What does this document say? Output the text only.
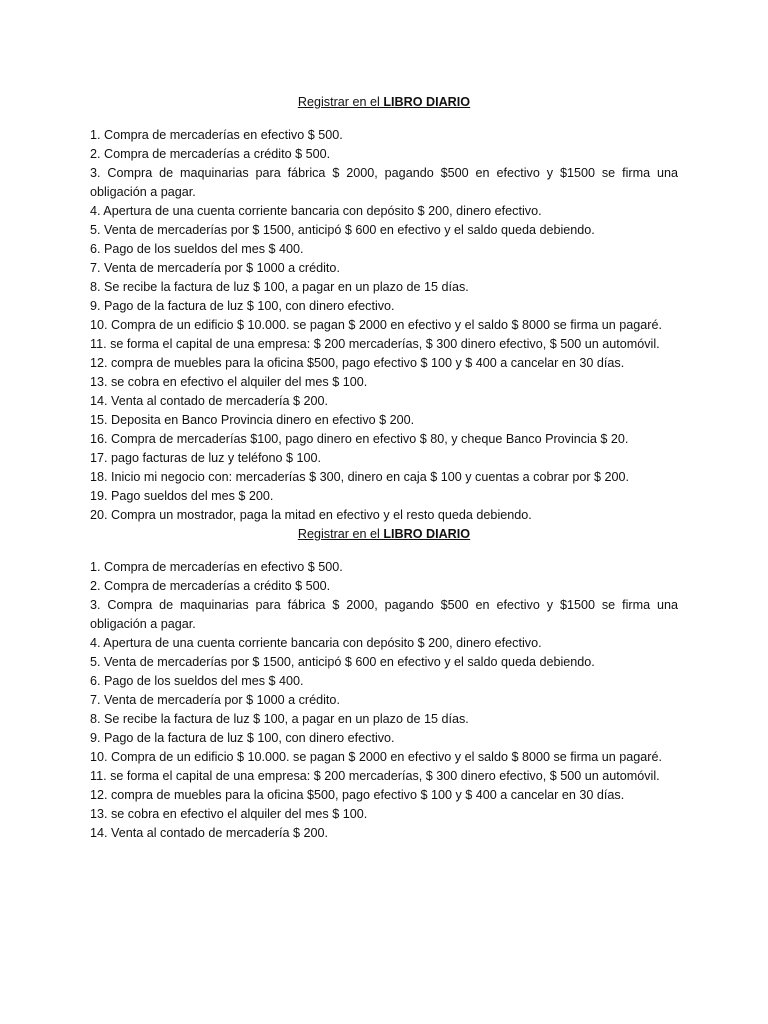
Registrar en el LIBRO DIARIO
1. Compra de mercaderías en efectivo $ 500.
2. Compra de mercaderías a crédito $ 500.
3. Compra de maquinarias para fábrica $ 2000, pagando $500 en efectivo y $1500 se firma una obligación a pagar.
4. Apertura de una cuenta corriente bancaria con depósito $ 200, dinero efectivo.
5. Venta de mercaderías por $ 1500, anticipó $ 600 en efectivo y el saldo queda debiendo.
6. Pago de los sueldos del mes $ 400.
7. Venta de mercadería por $ 1000 a crédito.
8. Se recibe la factura de luz $ 100, a pagar en un plazo de 15 días.
9. Pago de la factura de luz $ 100, con dinero efectivo.
10. Compra de un edificio $ 10.000. se pagan $ 2000 en efectivo y el saldo $ 8000 se firma un pagaré.
11. se forma el capital de una empresa: $ 200 mercaderías, $ 300 dinero efectivo, $ 500 un automóvil.
12. compra de muebles para la oficina $500, pago efectivo $ 100 y $ 400 a cancelar en 30 días.
13. se cobra en efectivo el alquiler del mes $ 100.
14. Venta al contado de mercadería $ 200.
15. Deposita en Banco Provincia dinero en efectivo $ 200.
16. Compra de mercaderías $100, pago dinero en efectivo $ 80, y cheque Banco Provincia $ 20.
17. pago facturas de luz y teléfono $ 100.
18. Inicio mi negocio con: mercaderías $ 300, dinero en caja $ 100 y cuentas a cobrar por $ 200.
19. Pago sueldos del mes $ 200.
20. Compra un mostrador, paga la mitad en efectivo y el resto queda debiendo.
Registrar en el LIBRO DIARIO
1. Compra de mercaderías en efectivo $ 500.
2. Compra de mercaderías a crédito $ 500.
3. Compra de maquinarias para fábrica $ 2000, pagando $500 en efectivo y $1500 se firma una obligación a pagar.
4. Apertura de una cuenta corriente bancaria con depósito $ 200, dinero efectivo.
5. Venta de mercaderías por $ 1500, anticipó $ 600 en efectivo y el saldo queda debiendo.
6. Pago de los sueldos del mes $ 400.
7. Venta de mercadería por $ 1000 a crédito.
8. Se recibe la factura de luz $ 100, a pagar en un plazo de 15 días.
9. Pago de la factura de luz $ 100, con dinero efectivo.
10. Compra de un edificio $ 10.000. se pagan $ 2000 en efectivo y el saldo $ 8000 se firma un pagaré.
11. se forma el capital de una empresa: $ 200 mercaderías, $ 300 dinero efectivo, $ 500 un automóvil.
12. compra de muebles para la oficina $500, pago efectivo $ 100 y $ 400 a cancelar en 30 días.
13. se cobra en efectivo el alquiler del mes $ 100.
14. Venta al contado de mercadería $ 200.
